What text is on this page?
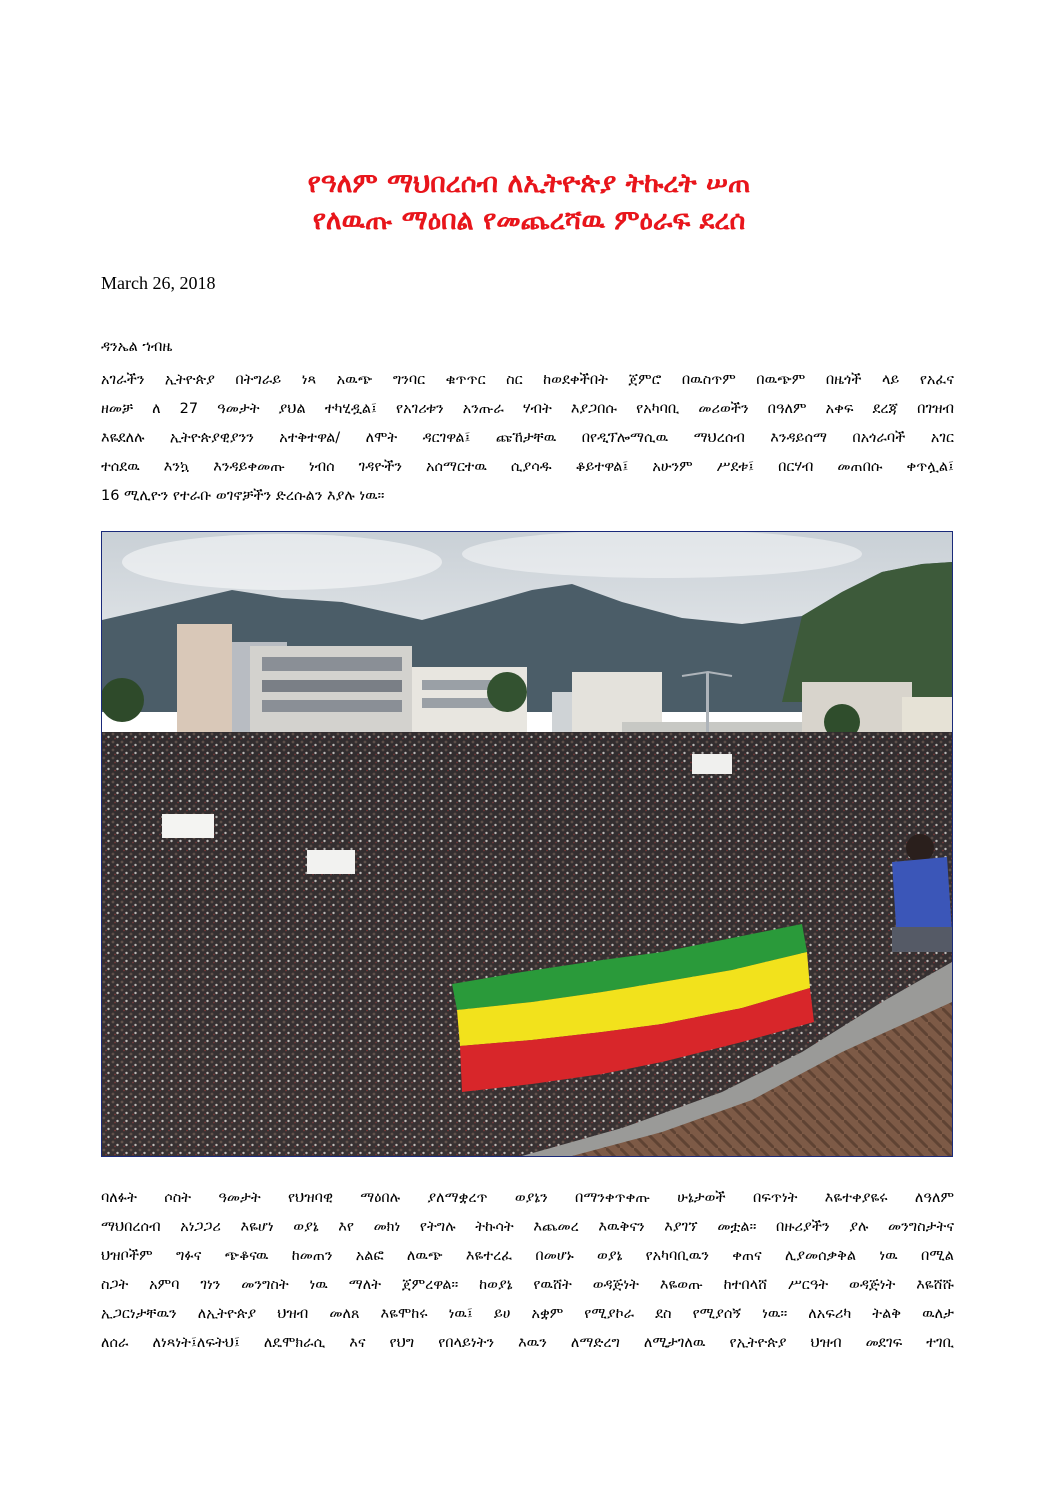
የዓለም ማህበረሰብ ለኢትዮጵያ ትኩረት ሠጠ
የለዉጡ ማዕበል የመጨረሻዉ ምዕራፍ ደረሰ
March 26, 2018
ዳንኤል ኀብዜ
አገራችን ኢትዮጵያ በትግራይ ነጻ አዉጭ ግንባር ቁጥጥር ስር ከወደቀችበት ጀምሮ በዉስጥም በዉጭም በዜጎች ላይ የአፈና
ዘመቻ ለ 27 ዓመታት ያህል ተካሂዷል፤ የአገሪቱን አንጡራ ሃብት እያጋበሱ የአካባቢ መሪወችን በዓለም አቀፍ ደረጃ በገዝብ
እዬደለሉ ኢትዮጵያዊያንን አተቅተዋል/ ለሞት ዳርገዋል፤ ጩኸታቸዉ በየዲፕሎማሲዉ ማህረሰብ እንዳይሰማ በአጎራባች አገር
ተሰደዉ እንኳ እንዳይቀመጡ ነብሰ ገዳዮችን አሰማርተዉ ሲያሳዱ ቆይተዋል፤ አሁንም ሥደቱ፤ በርሃብ መጠበሱ ቀጥሏል፤
16 ሚሊዮን የተራቡ ወገኖቻችን ድረሱልን እያሉ ነዉ።
ባለፉት ሶስት ዓመታት የህዝባዊ ማዕበሉ ያለማቋረጥ ወያኔን በማንቀጥቀጡ ሁኔታወች በፍጥነት እዬተቀያዬሩ ለዓለም
ማህበረሰብ አነጋጋሪ እዬሆነ ወያኔ እየ መክነ የትግሉ ትኩሳት እጨመረ እዉቅናን እያገኘ መቷል። በዙሪያችን ያሉ መንግስታትና
ህዝቦችም ግፉና ጭቆናዉ ከመጠን አልፎ ለዉጭ እዬተረፈ በመሆኑ ወያኔ የአካባቢዉን ቀጠና ሊያመሰቃቅል ነዉ በሚል
ስጋት አምባ ገነን መንግስት ነዉ ማለት ጀምረዋል። ከወያኔ የዉሸት ወዳጅነት እዬወጡ ከተበላሸ ሥርዓት ወዳጅነት እዬሸሹ
ኢጋርነታቸዉን ለኢትዮጵያ ህዝብ መለጸ እዬሞከሩ ነዉ፤ ይሀ አቋም የሚያኮራ ደስ የሚያሰኝ ነዉ። ለአፍሪካ ትልቅ ዉለታ
ለሰራ ለነጻነት፤ለፍትህ፤ ለዴሞክራሲ እና የህግ የበላይነትን እዉን ለማድረግ ለሚታገለዉ የኢትዮጵያ ህዝብ መደገፍ ተገቢ
